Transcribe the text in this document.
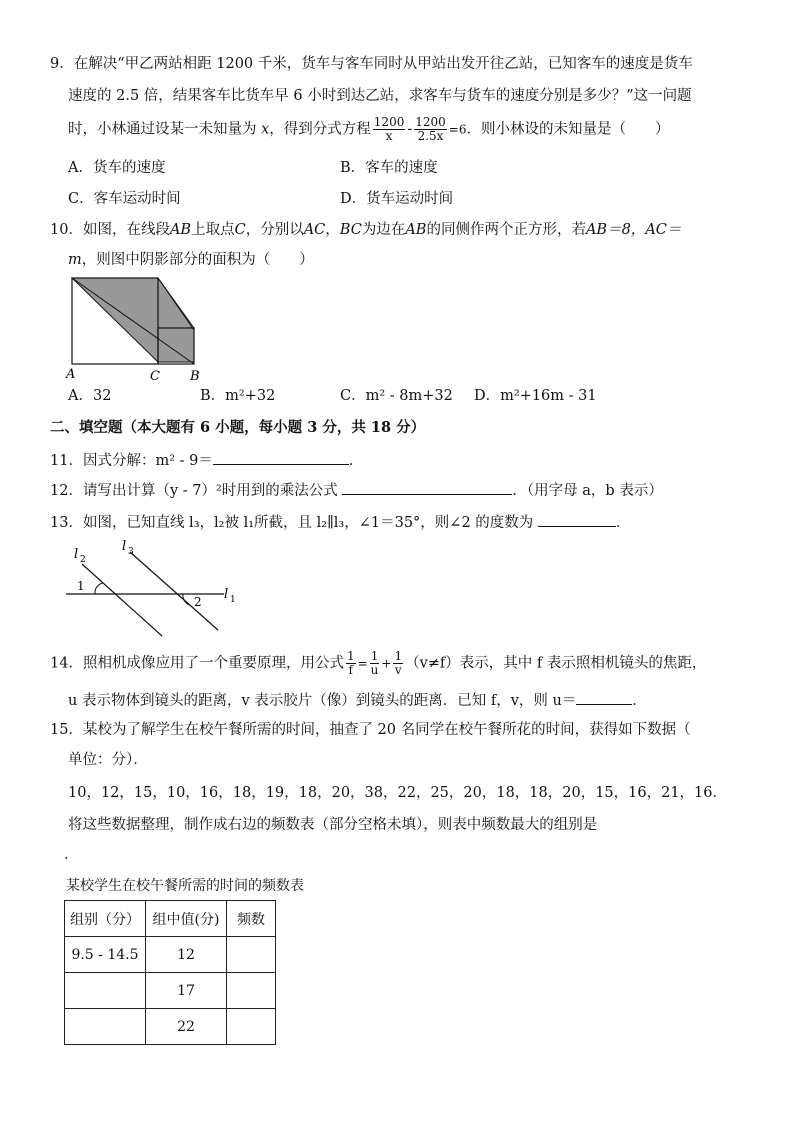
9．在解决“甲乙两站相距 1200 千米，货车与客车同时从甲站出发开往乙站，已知客车的速度是货车
速度的 2.5 倍，结果客车比货车早 6 小时到达乙站，求客车与货车的速度分别是多少？”这一问题
时，小林通过设某一未知量为 x，得到分式方程 $\frac{1200}{x} - \frac{1200}{2.5x} =6$．则小林设的未知量是（　　）
A．货车的速度	B．客车的速度
C．客车运动时间	D．货车运动时间
10．如图，在线段AB上取点C，分别以AC，BC为边在AB的同侧作两个正方形，若AB＝8，AC＝
m，则图中阴影部分的面积为（　　）
A	C B
A．32	B．m²+32	C．m² - 8m+32 D．m²+16m - 31
二、填空题（本大题有 6 小题，每小题 3 分，共 18 分）
11．因式分解：m² - 9＝	．
12．请写出计算（y - 7）²时用到的乘法公式	．（用字母 a，b 表示）
13．如图，已知直线 l₃，l₂被 l₁所截，且 l₂∥l₃，∠1＝35°，则∠2 的度数为	．
l 2
l 3
l 1
1
2
14．照相机成像应用了一个重要原理，用公式 $\frac{1}{f} = \frac{1}{u} + \frac{1}{v} (v\ne f)$表示，其中 f 表示照相机镜头的焦距，
u 表示物体到镜头的距离，v 表示胶片（像）到镜头的距离．已知 f，v，则 u＝	．
15．某校为了解学生在校午餐所需的时间，抽查了 20 名同学在校午餐所花的时间，获得如下数据（
单位：分）．
10，12，15，10，16，18，19，18，20，38，22，25，20，18，18，20，15，16，21，16．
将这些数据整理，制作成右边的频数表（部分空格未填），则表中频数最大的组别是
．
某校学生在校午餐所需的时间的频数表
组别（分）	组中值(分)	频数
9.5 - 14.5	12	
	17	
	22	
